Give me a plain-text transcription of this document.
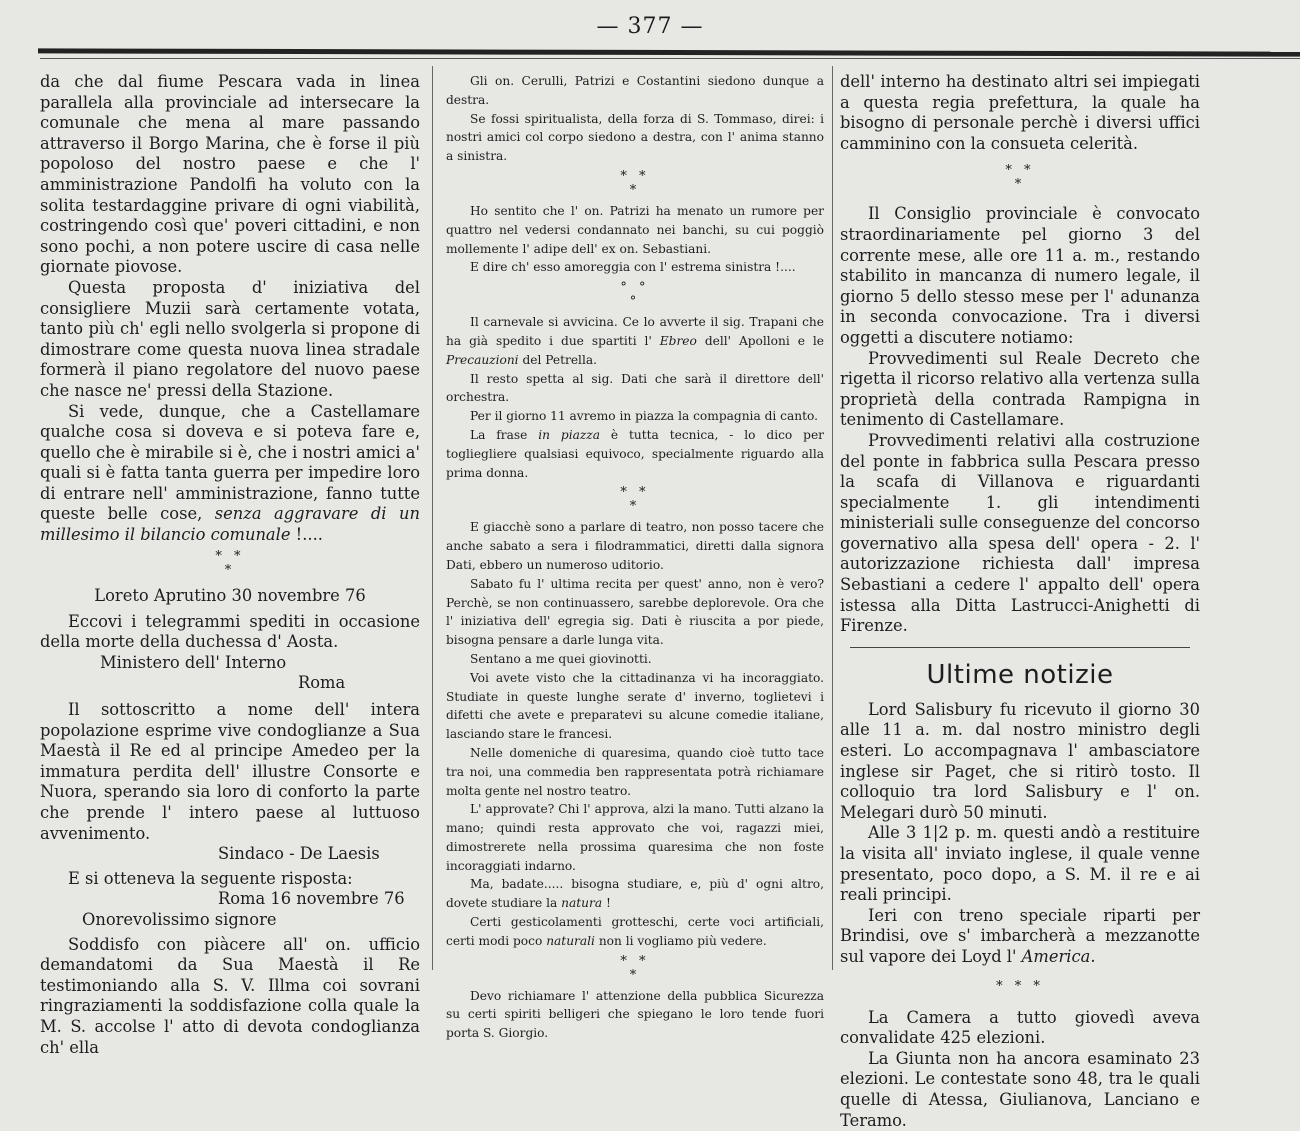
— 377 —

da che dal fiume Pescara vada in linea parallela alla provinciale ad intersecare la comunale che mena al mare passando attraverso il Borgo Marina, che è forse il più popoloso del nostro paese e che l' amministrazione Pandolfi ha voluto con la solita testardaggine privare di ogni viabilità, costringendo così que' poveri cittadini, e non sono pochi, a non potere uscire di casa nelle giornate piovose.

Questa proposta d' iniziativa del consigliere Muzii sarà certamente votata, tanto più ch' egli nello svolgerla si propone di dimostrare come questa nuova linea stradale formerà il piano regolatore del nuovo paese che nasce ne' pressi della Stazione.

Si vede, dunque, che a Castellamare qualche cosa si doveva e si poteva fare e, quello che è mirabile si è, che i nostri amici a' quali si è fatta tanta guerra per impedire loro di entrare nell' amministrazione, fanno tutte queste belle cose, senza aggravare di un millesimo il bilancio comunale !....

* *
*
Loreto Aprutino 30 novembre 76

Eccovi i telegrammi spediti in occasione della morte della duchessa d' Aosta.

Ministero dell' Interno

Roma

Il sottoscritto a nome dell' intera popolazione esprime vive condoglianze a Sua Maestà il Re ed al principe Amedeo per la immatura perdita dell' illustre Consorte e Nuora, sperando sia loro di conforto la parte che prende l' intero paese al luttuoso avvenimento.

Sindaco - De Laesis

E si otteneva la seguente risposta:

Roma 16 novembre 76

Onorevolissimo signore

Soddisfo con piàcere all' on. ufficio demandatomi da Sua Maestà il Re testimoniando alla S. V. Illma coi sovrani ringraziamenti la soddisfazione colla quale la M. S. accolse l' atto di devota condoglianza ch' ella

Gli on. Cerulli, Patrizi e Costantini siedono dunque a destra.

Se fossi spiritualista, della forza di S. Tommaso, direi: i nostri amici col corpo siedono a destra, con l' anima stanno a sinistra.

* *
*

Ho sentito che l' on. Patrizi ha menato un rumore per quattro nel vedersi condannato nei banchi, su cui poggiò mollemente l' adipe dell' ex on. Sebastiani.

E dire ch' esso amoreggia con l' estrema sinistra !....

° °
°

Il carnevale si avvicina. Ce lo avverte il sig. Trapani che ha già spedito i due spartiti l' Ebreo dell' Apolloni e le Precauzioni del Petrella.

Il resto spetta al sig. Dati che sarà il direttore dell' orchestra.

Per il giorno 11 avremo in piazza la compagnia di canto.

La frase in piazza è tutta tecnica, - lo dico per toglieglierе qualsiasi equivoco, specialmente riguardo alla prima donna.

* *
*

E giacchè sono a parlare di teatro, non posso tacere che anche sabato a sera i filodrammatici, diretti dalla signora Dati, ebbero un numeroso uditorio.

Sabato fu l' ultima recita per quest' anno, non è vero? Perchè, se non continuassero, sarebbe deplorevole. Ora che l' iniziativa dell' egregia sig. Dati è riuscita a por piede, bisogna pensare a darle lunga vita.

Sentano a me quei giovinotti.

Voi avete visto che la cittadinanza vi ha incoraggiato. Studiate in queste lunghe serate d' inverno, toglietevi i difetti che avete e preparatevi su alcune comedie italiane, lasciando stare le francesi.

Nelle domeniche di quaresima, quando cioè tutto tace tra noi, una commedia ben rappresentata potrà richiamare molta gente nel nostro teatro.

L' approvate? Chi l' approva, alzi la mano. Tutti alzano la mano; quindi resta approvato che voi, ragazzi miei, dimostrerete nella prossima quaresima che non foste incoraggiati indarno.

Ma, badate..... bisogna studiare, e, più d' ogni altro, dovete studiare la natura !

Certi gesticolamenti grotteschi, certe voci artificiali, certi modi poco naturali non li vogliamo più vedere.

* *
*

Devo richiamare l' attenzione della pubblica Sicurezza su certi spiriti belligeri che spiegano le loro tende fuori porta S. Giorgio.

dell' interno ha destinato altri sei impiegati a questa regia prefettura, la quale ha bisogno di personale perchè i diversi uffici camminino con la consueta celerità.

* *
*

Il Consiglio provinciale è convocato straordinariamente pel giorno 3 del corrente mese, alle ore 11 a. m., restando stabilito in mancanza di numero legale, il giorno 5 dello stesso mese per l' adunanza in seconda convocazione. Tra i diversi oggetti a discutere notiamo:

Provvedimenti sul Reale Decreto che rigetta il ricorso relativo alla vertenza sulla proprietà della contrada Rampigna in tenimento di Castellamare.

Provvedimenti relativi alla costruzione del ponte in fabbrica sulla Pescara presso la scafa di Villanova e riguardanti specialmente 1. gli intendimenti ministeriali sulle conseguenze del concorso governativo alla spesa dell' opera - 2. l' autorizzazione richiesta dall' impresa Sebastiani a cedere l' appalto dell' opera istessa alla Ditta Lastrucci-Anighetti di Firenze.

Ultime notizie

Lord Salisbury fu ricevuto il giorno 30 alle 11 a. m. dal nostro ministro degli esteri. Lo accompagnava l' ambasciatore inglese sir Paget, che si ritirò tosto. Il colloquio tra lord Salisbury e l' on. Melegari durò 50 minuti.

Alle 3 1|2 p. m. questi andò a restituire la visita all' inviato inglese, il quale venne presentato, poco dopo, a S. M. il re e ai reali principi.

Ieri con treno speciale riparti per Brindisi, ove s' imbarcherà a mezzanotte sul vapore dei Loyd l' America.

* * *

La Camera a tutto giovedì aveva convalidate 425 elezioni.

La Giunta non ha ancora esaminato 23 elezioni. Le contestate sono 48, tra le quali quelle di Atessa, Giulianova, Lanciano e Teramo.
